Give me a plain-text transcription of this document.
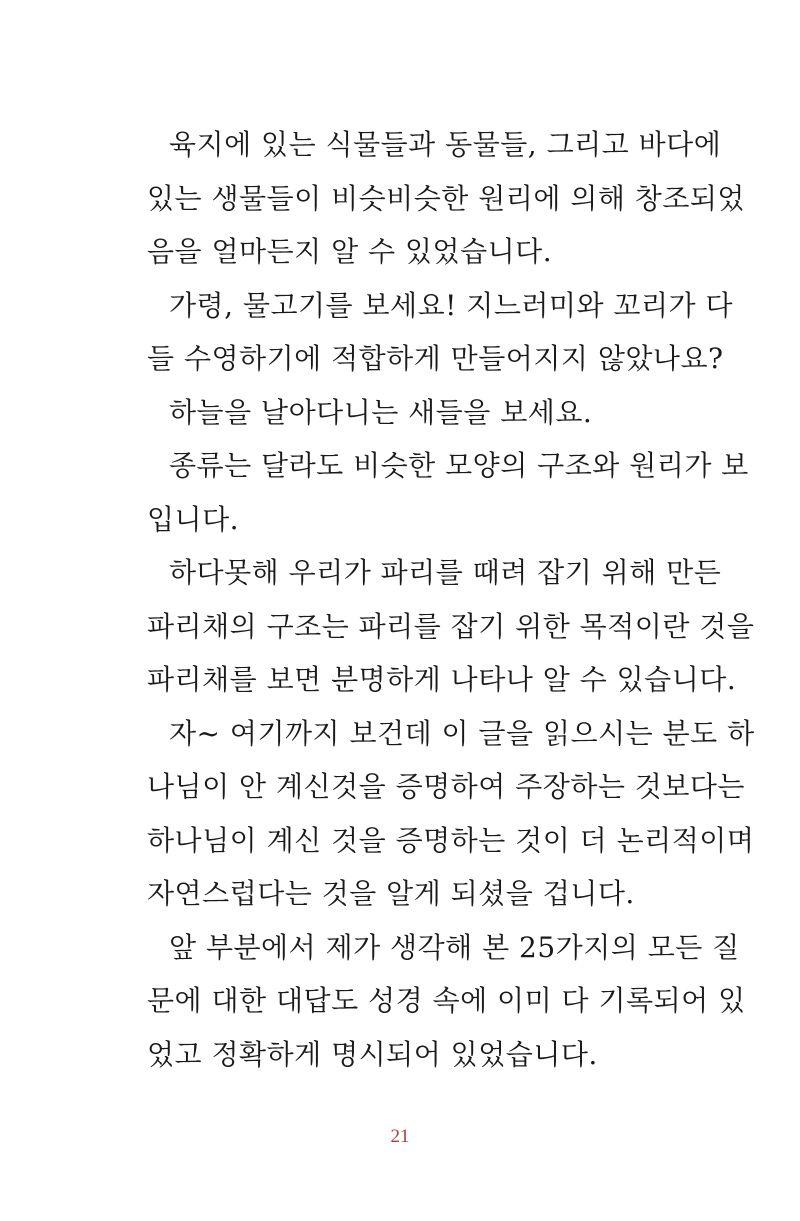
육지에 있는 식물들과 동물들, 그리고 바다에
있는 생물들이 비슷비슷한 원리에 의해 창조되었
음을 얼마든지 알 수 있었습니다.
가령, 물고기를 보세요! 지느러미와 꼬리가 다
들 수영하기에 적합하게 만들어지지 않았나요?
하늘을 날아다니는 새들을 보세요.
종류는 달라도 비슷한 모양의 구조와 원리가 보
입니다.
하다못해 우리가 파리를 때려 잡기 위해 만든
파리채의 구조는 파리를 잡기 위한 목적이란 것을
파리채를 보면 분명하게 나타나 알 수 있습니다.
자~ 여기까지 보건데 이 글을 읽으시는 분도 하
나님이 안 계신것을 증명하여 주장하는 것보다는
하나님이 계신 것을 증명하는 것이 더 논리적이며
자연스럽다는 것을 알게 되셨을 겁니다.
앞 부분에서 제가 생각해 본 25가지의 모든 질
문에 대한 대답도 성경 속에 이미 다 기록되어 있
었고 정확하게 명시되어 있었습니다.
21
